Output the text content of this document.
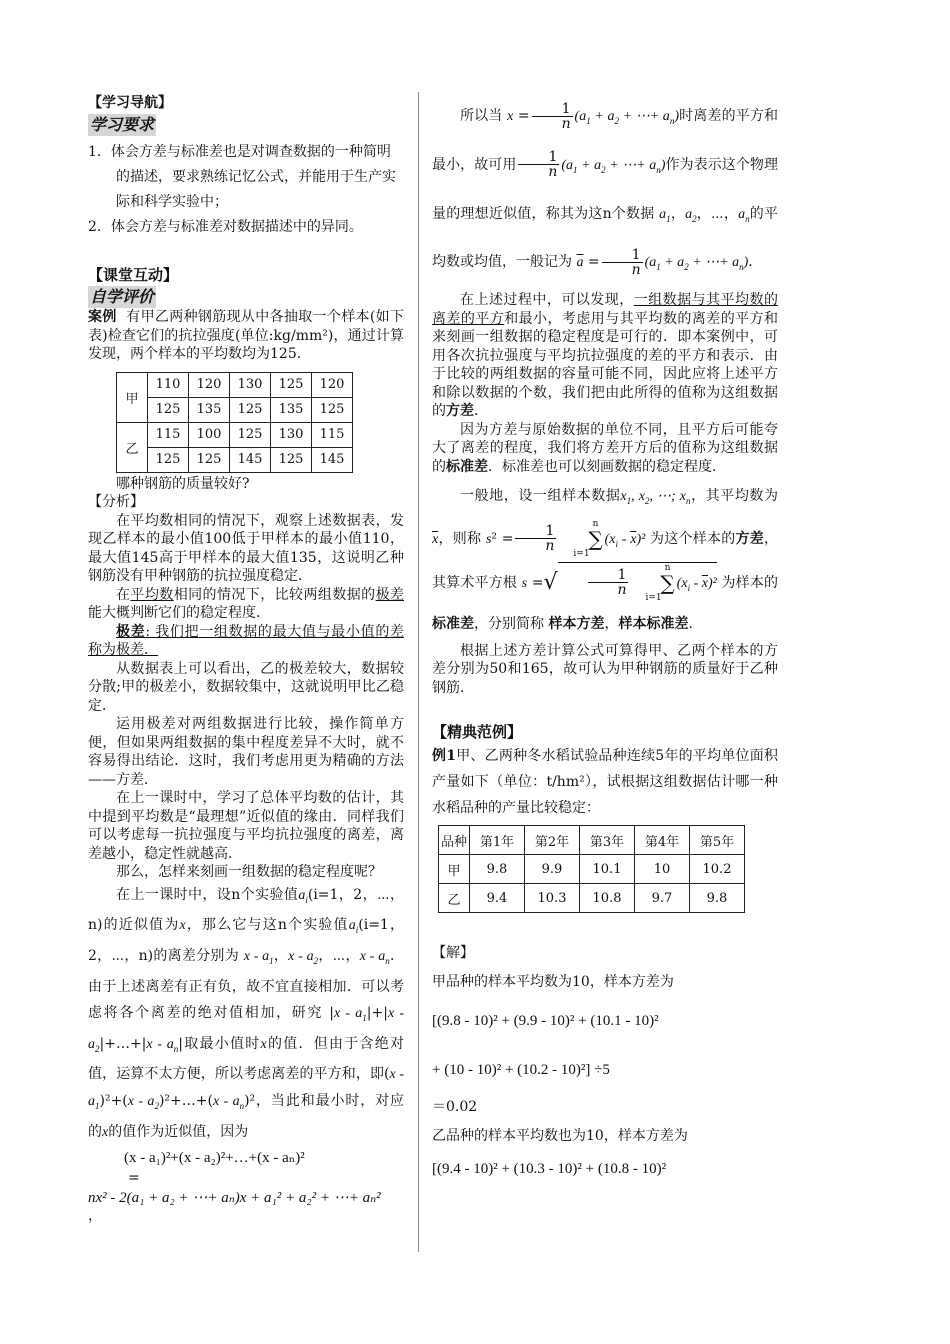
【学习导航】
学习要求
1．体会方差与标准差也是对调查数据的一种简明的描述，要求熟练记忆公式，并能用于生产实际和科学实验中；
2．体会方差与标准差对数据描述中的异同。
【课堂互动】
自学评价

案例 有甲乙两种钢筋现从中各抽取一个样本(如下表)检查它们的抗拉强度(单位:kg/mm²)，通过计算发现，两个样本的平均数均为125．

甲	110	120	130	125	120
	125	135	125	135	125
乙	115	100	125	130	115
	125	125	145	125	145

哪种钢筋的质量较好?

【分析】

在平均数相同的情况下，观察上述数据表，发现乙样本的最小值100低于甲样本的最小值110，最大值145高于甲样本的最大值135，这说明乙种钢筋没有甲种钢筋的抗拉强度稳定．

在平均数相同的情况下，比较两组数据的极差能大概判断它们的稳定程度．

极差: 我们把一组数据的最大值与最小值的差称为极差．

从数据表上可以看出，乙的极差较大，数据较分散;甲的极差小，数据较集中，这就说明甲比乙稳定．

运用极差对两组数据进行比较，操作简单方便，但如果两组数据的集中程度差异不大时，就不容易得出结论．这时，我们考虑用更为精确的方法——方差．

在上一课时中，学习了总体平均数的估计，其中提到平均数是“最理想”近似值的缘由．同样我们可以考虑每一抗拉强度与平均抗拉强度的离差，离差越小，稳定性就越高．

那么，怎样来刻画一组数据的稳定程度呢？

在上一课时中，设n个实验值$a_i(i=1$，2，⋯，n)的近似值为x，那么它与这n个实验值$a_i(i=1$，2，⋯，n)的离差分别为 x - $a_1$，x - $a_2$，⋯，x - $a_n$．由于上述离差有正有负，故不宜直接相加．可以考虑将各个离差的绝对值相加，研究 $|x - a_1|+|x$ - $a_2|+\dots+|x - a_n|$取最小值时x的值．但由于含绝对值，运算不太方便，所以考虑离差的平方和，即$(x - a_1)^2+(x$ - $a_2)^2+\dots+(x - a_n)^2$，当此和最小时，对应的x的值作为近似值，因为

(x - a₁)²+(x - a₂)²+…+(x - aₙ)²

=

nx² - 2(a₁ + a₂ + ⋯+ aₙ)x + a₁² + a₂² + ⋯+ aₙ²

，

所以当 $x = \frac{1}{n} (a_1 + a_2$ + ⋯+ $a_n$)时离差的平方和最小，故可用 $\frac{1}{n} (a_1 + a_2$ + ⋯+ $a_n$)作为表示这个物理量的理想近似值，称其为这n个数据 $a_1$，$a_2$，⋯，$a_n$的平均数或均值，一般记为 $\overline{a} = \frac{1}{n} (a_1 + a_2$ + ⋯+ $a_n$)．

在上述过程中，可以发现，一组数据与其平均数的离差的平方和最小，考虑用与其平均数的离差的平方和来刻画一组数据的稳定程度是可行的．即本案例中，可用各次抗拉强度与平均抗拉强度的差的平方和表示．由于比较的两组数据的容量可能不同，因此应将上述平方和除以数据的个数，我们把由此所得的值称为这组数据的方差．

因为方差与原始数据的单位不同，且平方后可能夸大了离差的程度，我们将方差开方后的值称为这组数据的标准差．标准差也可以刻画数据的稳定程度．

一般地，设一组样本数据$x_1$, $x_2$, ⋯; $x_n$，其平均数为$\overline{x}$，则称 $s^2 = \frac{1}{n}$
n
∑
$i=1(x_i - \overline{x})^2$ 为这个样本的方差，其算术平方根 s =√ $\frac{1}{n}$
n
∑
$i=1(x_i - \overline{x})^2$ 为样本的标准差，分别简称 样本方差，样本标准差．

根据上述方差计算公式可算得甲、乙两个样本的方差分别为50和165，故可认为甲种钢筋的质量好于乙种钢筋．

【精典范例】

例1甲、乙两种冬水稻试验品种连续5年的平均单位面积产量如下（单位：t/hm²），试根据这组数据估计哪一种水稻品种的产量比较稳定：

品种	第1年	第2年	第3年	第4年	第5年
甲	9.8	9.9	10.1	10	10.2
乙	9.4	10.3	10.8	9.7	9.8

【解】

甲品种的样本平均数为10，样本方差为

[(9.8 - 10)² + (9.9 - 10)² + (10.1 - 10)²

+ (10 - 10)² + (10.2 - 10)²] ÷5

＝0.02

乙品种的样本平均数也为10，样本方差为

[(9.4 - 10)² + (10.3 - 10)² + (10.8 - 10)²
